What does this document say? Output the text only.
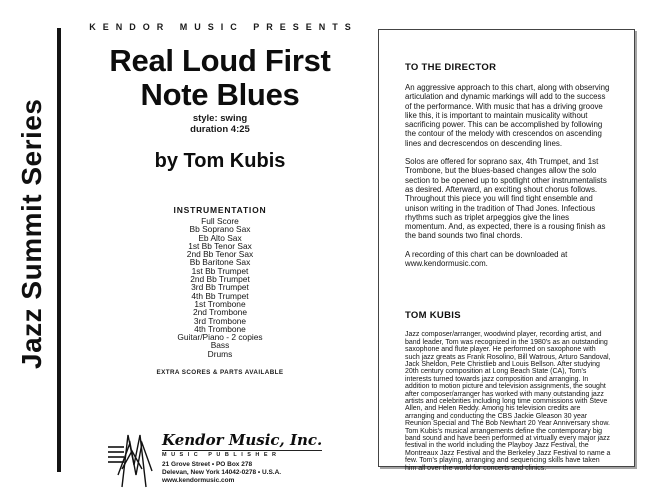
Jazz Summit Series
KENDOR MUSIC PRESENTS
Real Loud First
Note Blues
style: swing
duration 4:25
by Tom Kubis
INSTRUMENTATION
Full Score
Bb Soprano Sax
Eb Alto Sax
1st Bb Tenor Sax
2nd Bb Tenor Sax
Bb Baritone Sax
1st Bb Trumpet
2nd Bb Trumpet
3rd Bb Trumpet
4th Bb Trumpet
1st Trombone
2nd Trombone
3rd Trombone
4th Trombone
Guitar/Piano - 2 copies
Bass
Drums
EXTRA SCORES & PARTS AVAILABLE
Kendor Music, Inc.
MUSIC PUBLISHER
21 Grove Street • PO Box 278
Delevan, New York 14042-0278 • U.S.A.
www.kendormusic.com
TO THE DIRECTOR

An aggressive approach to this chart, along with observing articulation and dynamic markings will add to the success of the performance. With music that has a driving groove like this, it is important to maintain musicality without sacrificing power. This can be accomplished by following the contour of the melody with crescendos on ascending lines and decrescendos on descending lines.

Solos are offered for soprano sax, 4th Trumpet, and 1st Trombone, but the blues-based changes allow the solo section to be opened up to spotlight other instrumentalists as desired. Afterward, an exciting shout chorus follows. Throughout this piece you will find tight ensemble and unison writing in the tradition of Thad Jones. Infectious rhythms such as triplet arpeggios give the lines momentum. And, as expected, there is a rousing finish as the band sounds two final chords.

A recording of this chart can be downloaded at www.kendormusic.com.

TOM KUBIS

Jazz composer/arranger, woodwind player, recording artist, and band leader, Tom was recognized in the 1980's as an outstanding saxophone and flute player. He performed on saxophone with such jazz greats as Frank Rosolino, Bill Watrous, Arturo Sandoval, Jack Sheldon, Pete Christlieb and Louis Bellson. After studying 20th century composition at Long Beach State (CA), Tom's interests turned towards jazz composition and arranging. In addition to motion picture and television assignments, the sought after composer/arranger has worked with many outstanding jazz artists and celebrities including long time commissions with Steve Allen, and Helen Reddy. Among his television credits are arranging and conducting the CBS Jackie Gleason 30 year Reunion Special and The Bob Newhart 20 Year Anniversary show. Tom Kubis's musical arrangements define the contemporary big band sound and have been performed at virtually every major jazz festival in the world including the Playboy Jazz Festival, the Montreaux Jazz Festival and the Berkeley Jazz Festival to name a few. Tom's playing, arranging and sequencing skills have taken him all over the world for concerts and clinics.
